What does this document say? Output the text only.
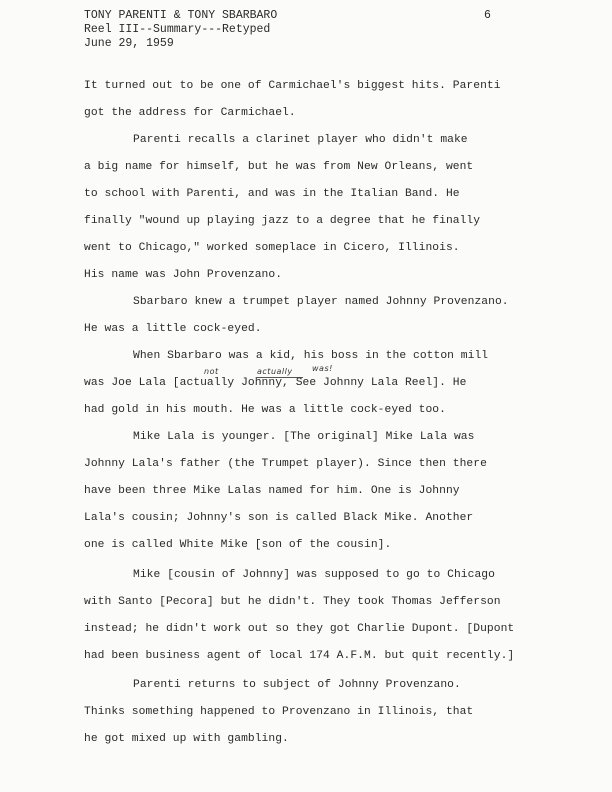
TONY PARENTI & TONY SBARBARO
Reel III--Summary---Retyped
June 29, 1959
6
It turned out to be one of Carmichael's biggest hits. Parenti
got the address for Carmichael.
Parenti recalls a clarinet player who didn't make
a big name for himself, but he was from New Orleans, went
to school with Parenti, and was in the Italian Band. He
finally "wound up playing jazz to a degree that he finally
went to Chicago," worked someplace in Cicero, Illinois.
His name was John Provenzano.
Sbarbaro knew a trumpet player named Johnny Provenzano.
He was a little cock-eyed.
When Sbarbaro was a kid, his boss in the cotton mill
not	actually was!
was Joe Lala [actually Johnny, See Johnny Lala Reel]. He
had gold in his mouth. He was a little cock-eyed too.
Mike Lala is younger. [The original] Mike Lala was
Johnny Lala's father (the Trumpet player). Since then there
have been three Mike Lalas named for him. One is Johnny
Lala's cousin; Johnny's son is called Black Mike. Another
one is called White Mike [son of the cousin].
Mike [cousin of Johnny] was supposed to go to Chicago
with Santo [Pecora] but he didn't. They took Thomas Jefferson
instead; he didn't work out so they got Charlie Dupont. [Dupont
had been business agent of local 174 A.F.M. but quit recently.]
Parenti returns to subject of Johnny Provenzano.
Thinks something happened to Provenzano in Illinois, that
he got mixed up with gambling.
